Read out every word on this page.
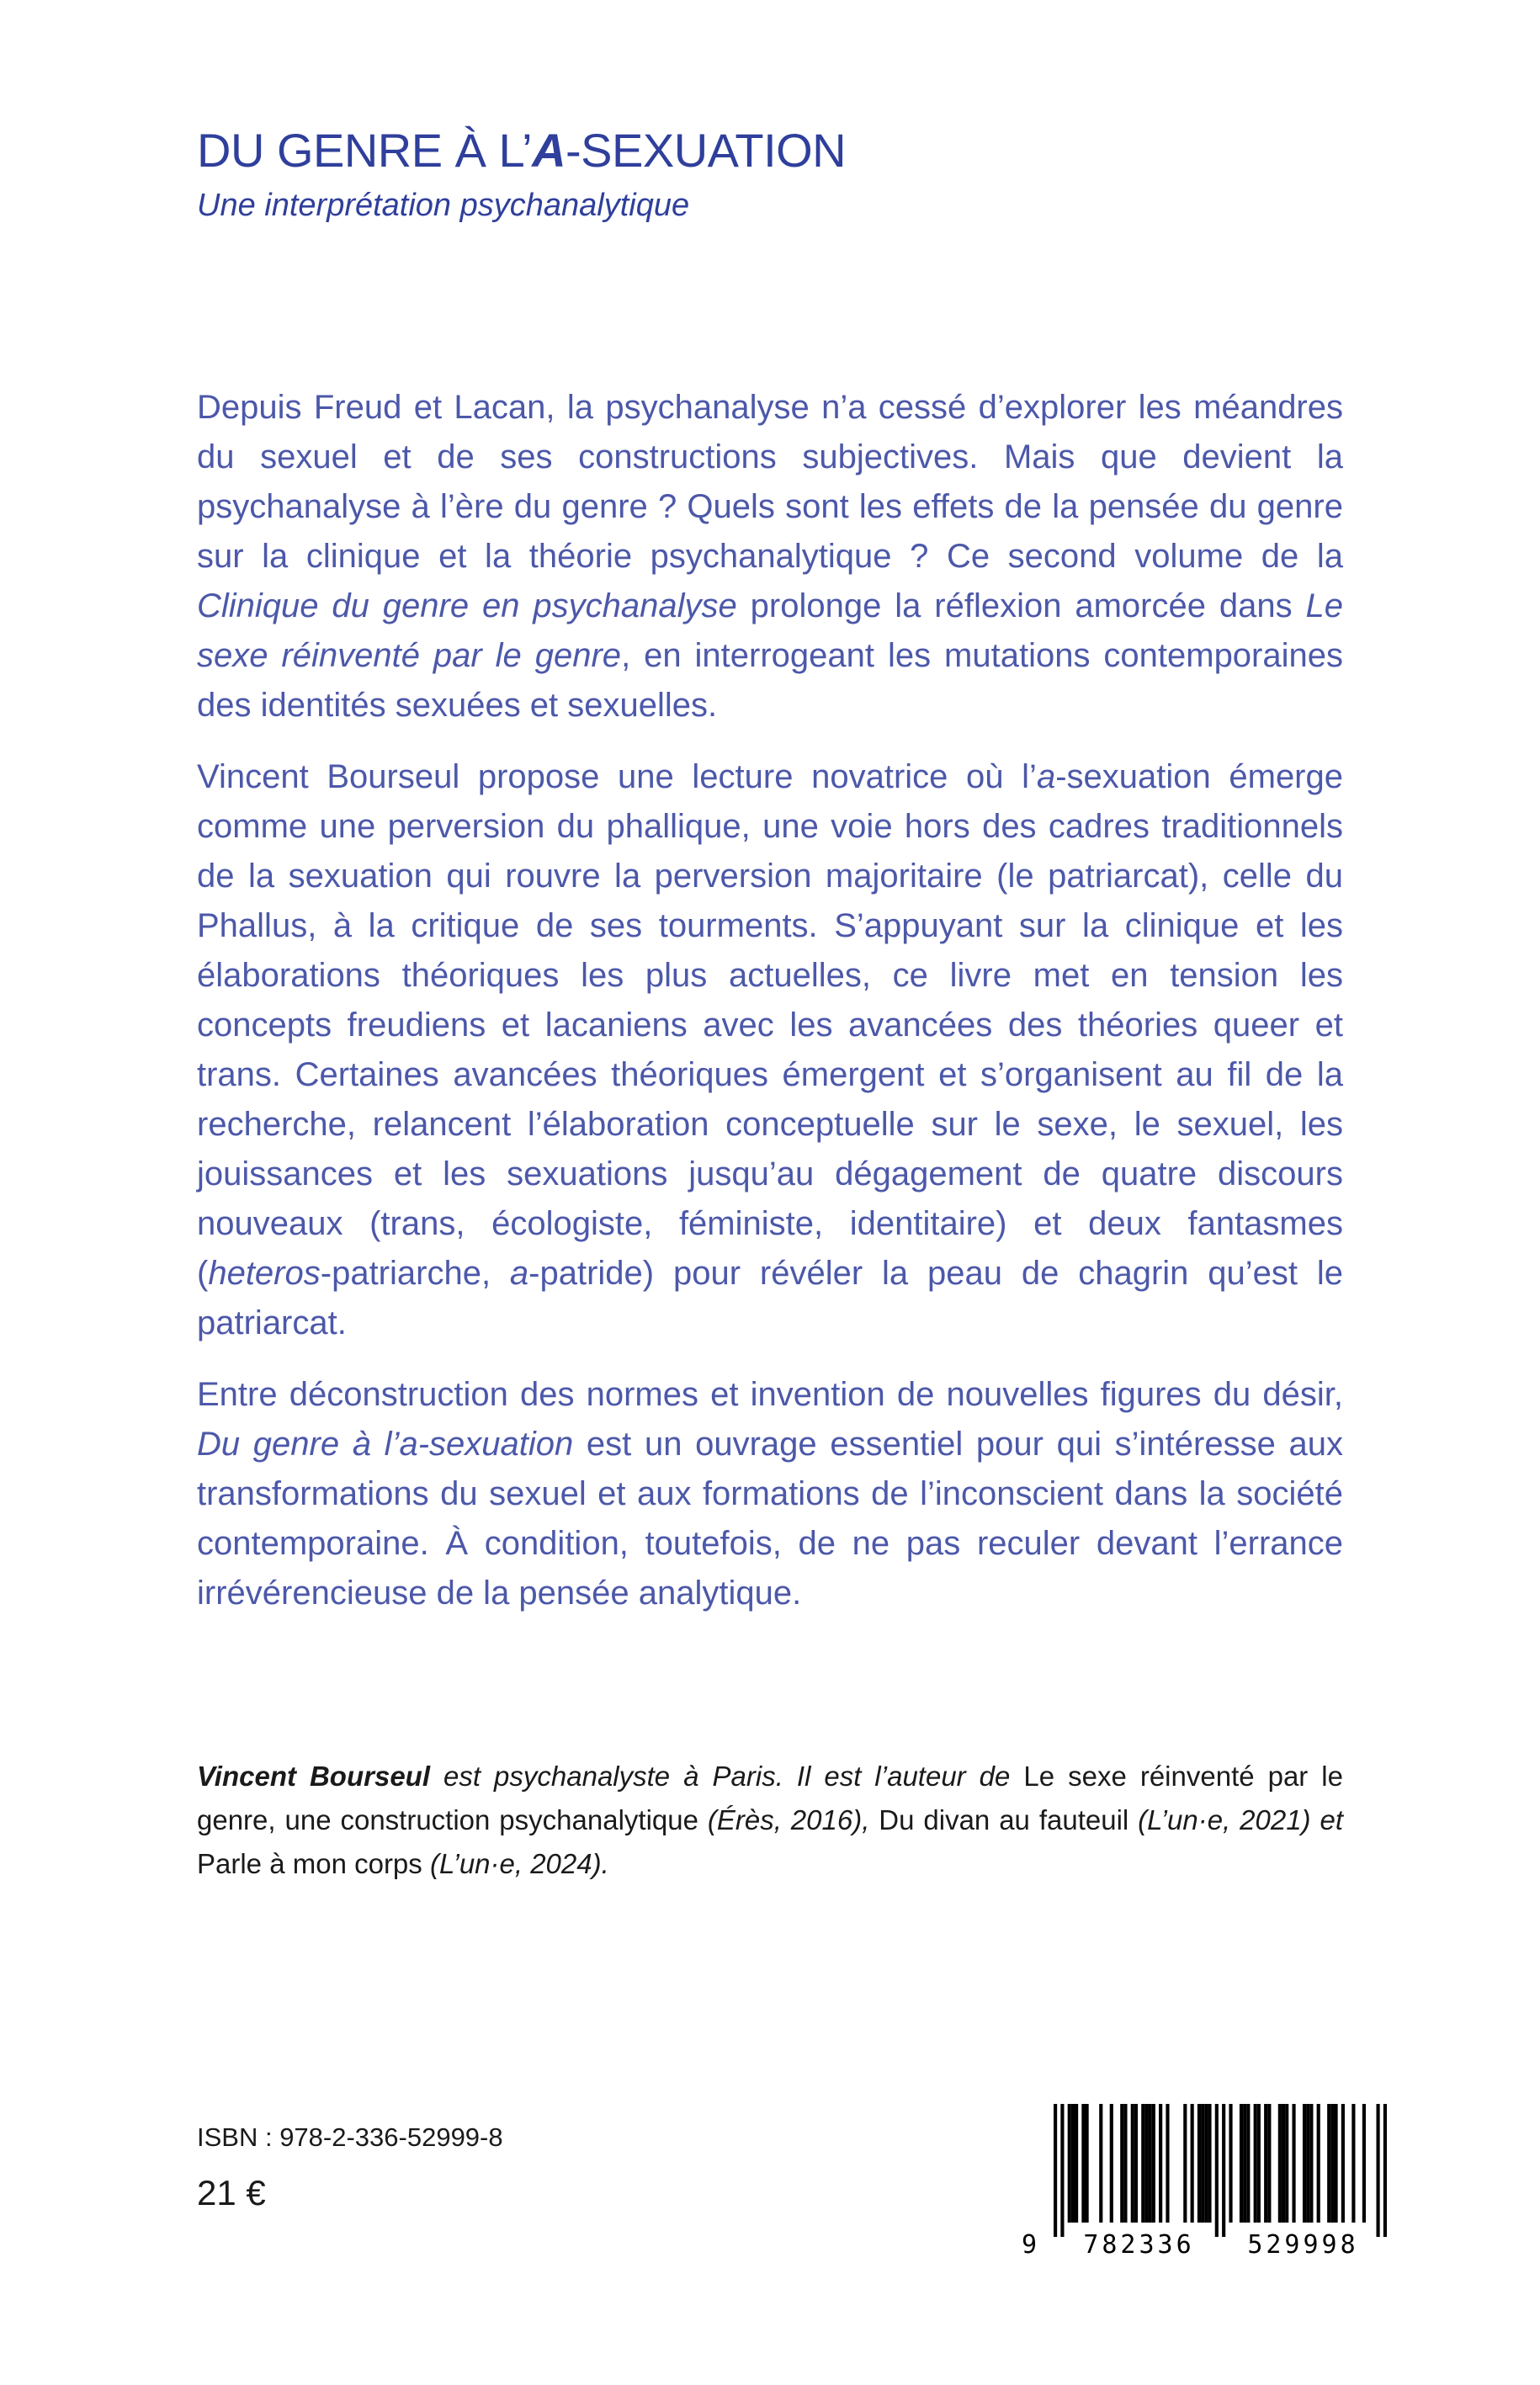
DU GENRE À L’A-SEXUATION

Une interprétation psychanalytique

Depuis Freud et Lacan, la psychanalyse n’a cessé d’explorer les méandres du sexuel et de ses constructions subjectives. Mais que devient la psychanalyse à l’ère du genre ? Quels sont les effets de la pensée du genre sur la clinique et la théorie psychanalytique ? Ce second volume de la Clinique du genre en psychanalyse prolonge la réflexion amorcée dans Le sexe réinventé par le genre, en interrogeant les mutations contemporaines des identités sexuées et sexuelles.

Vincent Bourseul propose une lecture novatrice où l’a-sexuation émerge comme une perversion du phallique, une voie hors des cadres traditionnels de la sexuation qui rouvre la perversion majoritaire (le patriarcat), celle du Phallus, à la critique de ses tourments. S’appuyant sur la clinique et les élaborations théoriques les plus actuelles, ce livre met en tension les concepts freudiens et lacaniens avec les avancées des théories queer et trans. Certaines avancées théoriques émergent et s’organisent au fil de la recherche, relancent l’élaboration conceptuelle sur le sexe, le sexuel, les jouissances et les sexuations jusqu’au dégagement de quatre discours nouveaux (trans, écologiste, féministe, identitaire) et deux fantasmes (heteros-patriarche, a-patride) pour révéler la peau de chagrin qu’est le patriarcat.

Entre déconstruction des normes et invention de nouvelles figures du désir, Du genre à l’a-sexuation est un ouvrage essentiel pour qui s’intéresse aux transformations du sexuel et aux formations de l’inconscient dans la société contemporaine. À condition, toutefois, de ne pas reculer devant l’errance irrévérencieuse de la pensée analytique.

Vincent Bourseul est psychanalyste à Paris. Il est l’auteur de Le sexe réinventé par le genre, une construction psychanalytique (Érès, 2016), Du divan au fauteuil (L’un·e, 2021) et Parle à mon corps (L’un·e, 2024).

ISBN : 978-2-336-52999-8
21 €
9	782336	529998
